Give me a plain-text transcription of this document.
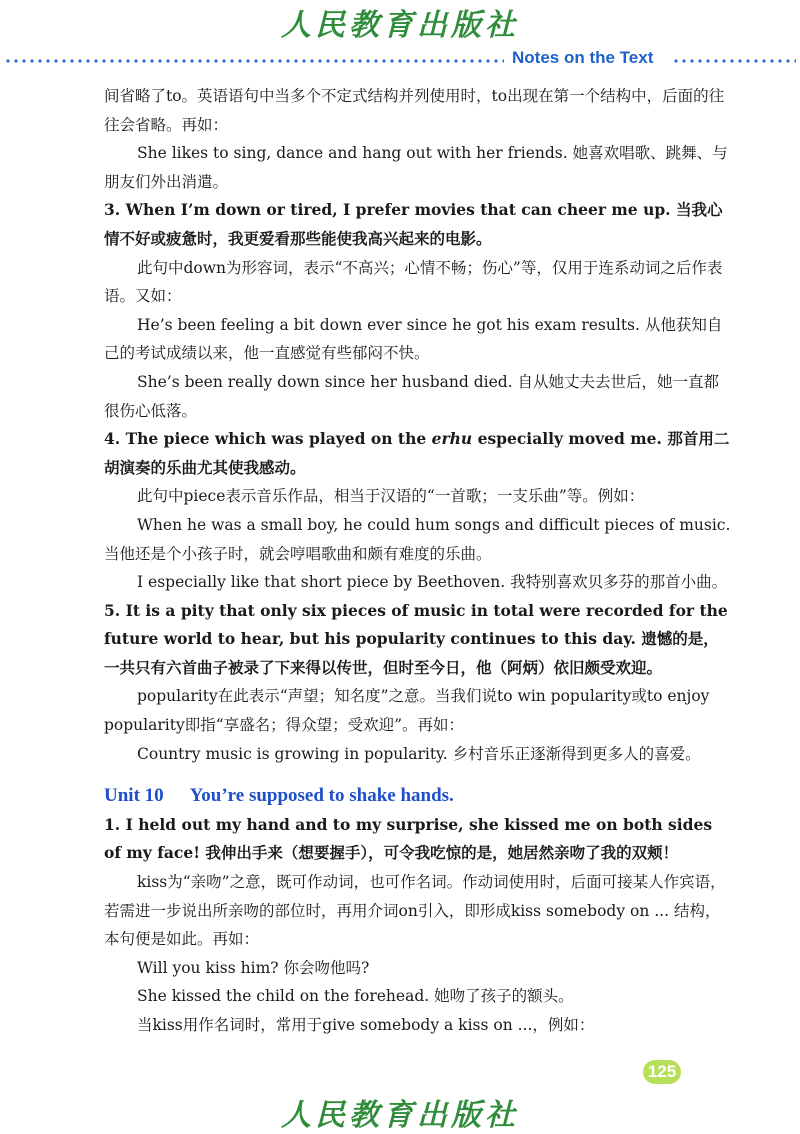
人民教育出版社
Notes on the Text

间省略了to。英语语句中当多个不定式结构并列使用时，to出现在第一个结构中，后面的往往会省略。再如：

She likes to sing, dance and hang out with her friends. 她喜欢唱歌、跳舞、与朋友们外出消遣。

3. When I’m down or tired, I prefer movies that can cheer me up. 当我心情不好或疲惫时，我更爱看那些能使我高兴起来的电影。

此句中down为形容词，表示“不高兴；心情不畅；伤心”等，仅用于连系动词之后作表语。又如：

He’s been feeling a bit down ever since he got his exam results. 从他获知自己的考试成绩以来，他一直感觉有些郁闷不快。

She’s been really down since her husband died. 自从她丈夫去世后，她一直都很伤心低落。

4. The piece which was played on the erhu especially moved me. 那首用二胡演奏的乐曲尤其使我感动。

此句中piece表示音乐作品，相当于汉语的“一首歌；一支乐曲”等。例如：

When he was a small boy, he could hum songs and difficult pieces of music. 当他还是个小孩子时，就会哼唱歌曲和颇有难度的乐曲。

I especially like that short piece by Beethoven. 我特别喜欢贝多芬的那首小曲。

5. It is a pity that only six pieces of music in total were recorded for the future world to hear, but his popularity continues to this day. 遗憾的是，一共只有六首曲子被录了下来得以传世，但时至今日，他（阿炳）依旧颇受欢迎。

popularity在此表示“声望；知名度”之意。当我们说to win popularity或to enjoy popularity即指“享盛名；得众望；受欢迎”。再如：

Country music is growing in popularity. 乡村音乐正逐渐得到更多人的喜爱。

Unit 10 You’re supposed to shake hands.

1. I held out my hand and to my surprise, she kissed me on both sides of my face! 我伸出手来（想要握手），可令我吃惊的是，她居然亲吻了我的双颊！

kiss为“亲吻”之意，既可作动词，也可作名词。作动词使用时，后面可接某人作宾语，若需进一步说出所亲吻的部位时，再用介词on引入，即形成kiss somebody on ... 结构，本句便是如此。再如：

Will you kiss him? 你会吻他吗?

She kissed the child on the forehead. 她吻了孩子的额头。

当kiss用作名词时，常用于give somebody a kiss on ...，例如：

125
人民教育出版社
